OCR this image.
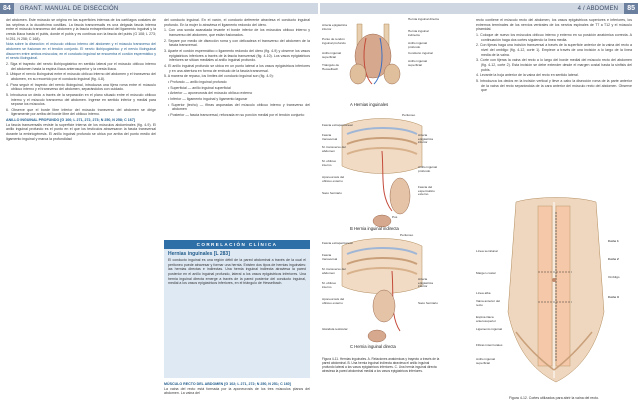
84	GRANT. MANUAL DE DISECCIÓN	4 / ABDOMEN	85

del abdomen. Este músculo se origina en las superficies internas de los cartílagos costales de las séptima a la duodécima costillas. La fascia transversalis es una delgada fascia interna entre el músculo transverso del abdomen y la fascia extraperitoneal del ligamento inguinal y la cresta ilíaca hasta el pubis, donde el pubis y es continua con la fascia del pubis (G 108; L 273; N 251, N 258; C 168).

Nota sobre la disección: el músculo oblicuo interno del abdomen y el músculo transverso del abdomen se fusionan en el tendón conjunto. El nervio iliohipogástrico y el nervio ilioinguinal discurren entre ambos músculos; en el conducto inguinal se encuentra el cordón espermático y el nervio ilioinguinal.

2. Siga el trayecto del nervio iliohipogástrico en sentido lateral por el músculo oblicuo interno del abdomen hasta la espina ilíaca anterosuperior y la cresta ilíaca.

3. Ubique el nervio ilioinguinal entre el músculo oblicuo interno del abdomen y el transverso del abdomen, en su recorrido por el conducto inguinal (fig. 4-8).

4. Para seguir el trayecto del nervio ilioinguinal, introduzca una tijera roma entre el músculo oblicuo interno y el transverso del abdomen, separándolos con cuidado.

5. Introduzca un dedo a través de la separación en el plano situado entre el músculo oblicuo interno y el músculo transverso del abdomen. Ingrese en sentido inferior y medial para separar los músculos.

6. Observe que el borde libre inferior del músculo transverso del abdomen se dirige ligeramente por arriba del borde libre del oblicuo interno.

ANILLO INGUINAL PROFUNDO [G 106; L 271, 272, 273; N 250, N 258; C 167]

La fascia transversalis reviste la superficie interna de los músculos abdominales (fig. 4-9). El anillo inguinal profundo es el punto en el que los testículos atravesaron la fascia transversal durante la embriogénesis. El anillo inguinal profundo se ubica por arriba del punto medio del ligamento inguinal y marca la profundidad

del conducto inguinal. En el varón, el conducto deferente atraviesa el conducto inguinal profundo. En la mujer lo atraviesa el ligamento redondo del útero.

1. Con una sonda acanalada levante el borde inferior de los músculos oblicuo interno y transverso del abdomen, que están fusionados.

2. Separe por medio de disección roma y con delicadeza el transverso del abdomen de la fascia transversal.

3. Aparte el cordón espermático o ligamento redondo del útero (fig. 4-9) y observe los vasos epigástricos inferiores a través de la fascia transversal (fig. 4-10). Los vasos epigástricos inferiores se sitúan mediales al anillo inguinal profundo.

4. El anillo inguinal profundo se ubica en un punto lateral a los vasos epigástricos inferiores y en una abertura en forma de embudo de la fascia transversal.

5. A manera de repaso, los límites del conducto inguinal son (fig. 4-9):

• Profundo — anillo inguinal profundo

• Superficial — anillo inguinal superficial

• Anterior — aponeurosis del músculo oblicuo externo

• Inferior — ligamento inguinal y ligamento lagunar

• Superior (techo) — fibras arqueadas del músculo oblicuo interno y transverso del abdomen

• Posterior — fascia transversal, reforzada en su porción medial por el tendón conjunto

CORRELACIÓN CLÍNICA
Hernias inguinales [L 283]
El conducto inguinal es una región débil de la pared abdominal a través de la cual el peritoneo puede atravesar y formar una hernia. Existen dos tipos de hernias inguinales: las hernias directas e indirectas. Una hernia inguinal indirecta atraviesa la pared posterior en el anillo inguinal profundo, lateral a los vasos epigástricos inferiores. Una hernia inguinal directa emerge a través de la pared posterior del conducto inguinal, medial a los vasos epigástricos inferiores, en el triángulo de Hesselbach.
MÚSCULO RECTO DEL ABDOMEN [G 102; L 271, 272; N 250, N 251; C 160]

La vaina del recto está formada por la aponeurosis de los tres músculos planos del abdomen. La vaina del

A Hernias inguinales
B Hernia inguinal indirecta
C Hernia inguinal directa
Arteria epigástrica inferior
Punto de tendón inguinal profundo
Anillo inguinal superficial
Triángulo de Hesselbach
Hernia inguinal directa
Hernia inguinal indirecta
Anillo inguinal profundo
Conducto inguinal
Anillo inguinal superficial
Peritoneo
Fascia extraperitoneal
Fascia transversal
M. transverso del abdomen
M. oblicuo interno
Aponeurosis del oblicuo externo
Arteria epigástrica inferior
Saco herniario
Anillo inguinal profundo
Pus
Fascia del espermático externo
Peritoneo
Fascia extraperitoneal
Fascia transversal
M. transverso del abdomen
M. oblicuo interno
Aponeurosis del oblicuo externo
Arteria epigástrica inferior
Saco herniario
Glándula testicular
Figura 4-11. Hernias inguinales. A. Relaciones anatómicas y trayecto a través de la pared abdominal. B. Una hernia inguinal indirecta atraviesa el anillo inguinal profundo lateral a los vasos epigástricos inferiores. C. Una hernia inguinal directa atraviesa la pared abdominal medial a los vasos epigástricos inferiores.

recto contiene el músculo recto del abdomen, los vasos epigástricos superiores e inferiores, los extremos terminales de los nervios ventrales de los nervios espinales de T7 a T12 y el músculo piramidal.

1. Coloque de nuevo los músculos oblicuo interno y externo en su posición anatómica correcta. A continuación haga dos cortes siguiendo la línea media.

2. Con tijeras haga una incisión transversal a través de la superficie anterior de la vaina del recto a nivel del ombligo (fig. 4-12, corte 1). Empiece a través de una incisión a lo largo de la línea media de la vaina.

3. Corte con tijeras la vaina del recto a lo largo del borde medial del músculo recto del abdomen (fig. 4-12, corte 2). Esta incisión se debe extender desde el margen costal hasta la sínfisis del pubis.

4. Levante la hoja anterior de la vaina del recto en sentido lateral.

5. Introduzca los dedos en la incisión vertical y lleve a cabo la disección roma de la parte anterior de la vaina del recto separándola de la cara anterior del músculo recto del abdomen. Observe que

Línea semilunar
Ombligo
Margen costal
Línea alba
Vaina anterior del recto
Espina ilíaca anterosuperior
Ligamento inguinal
Fibras intercrurales
Anillo inguinal superficial
Corte 1
Corte 2
Corte 3
Figura 4-12. Cortes utilizados para abrir la vaina del recto.
